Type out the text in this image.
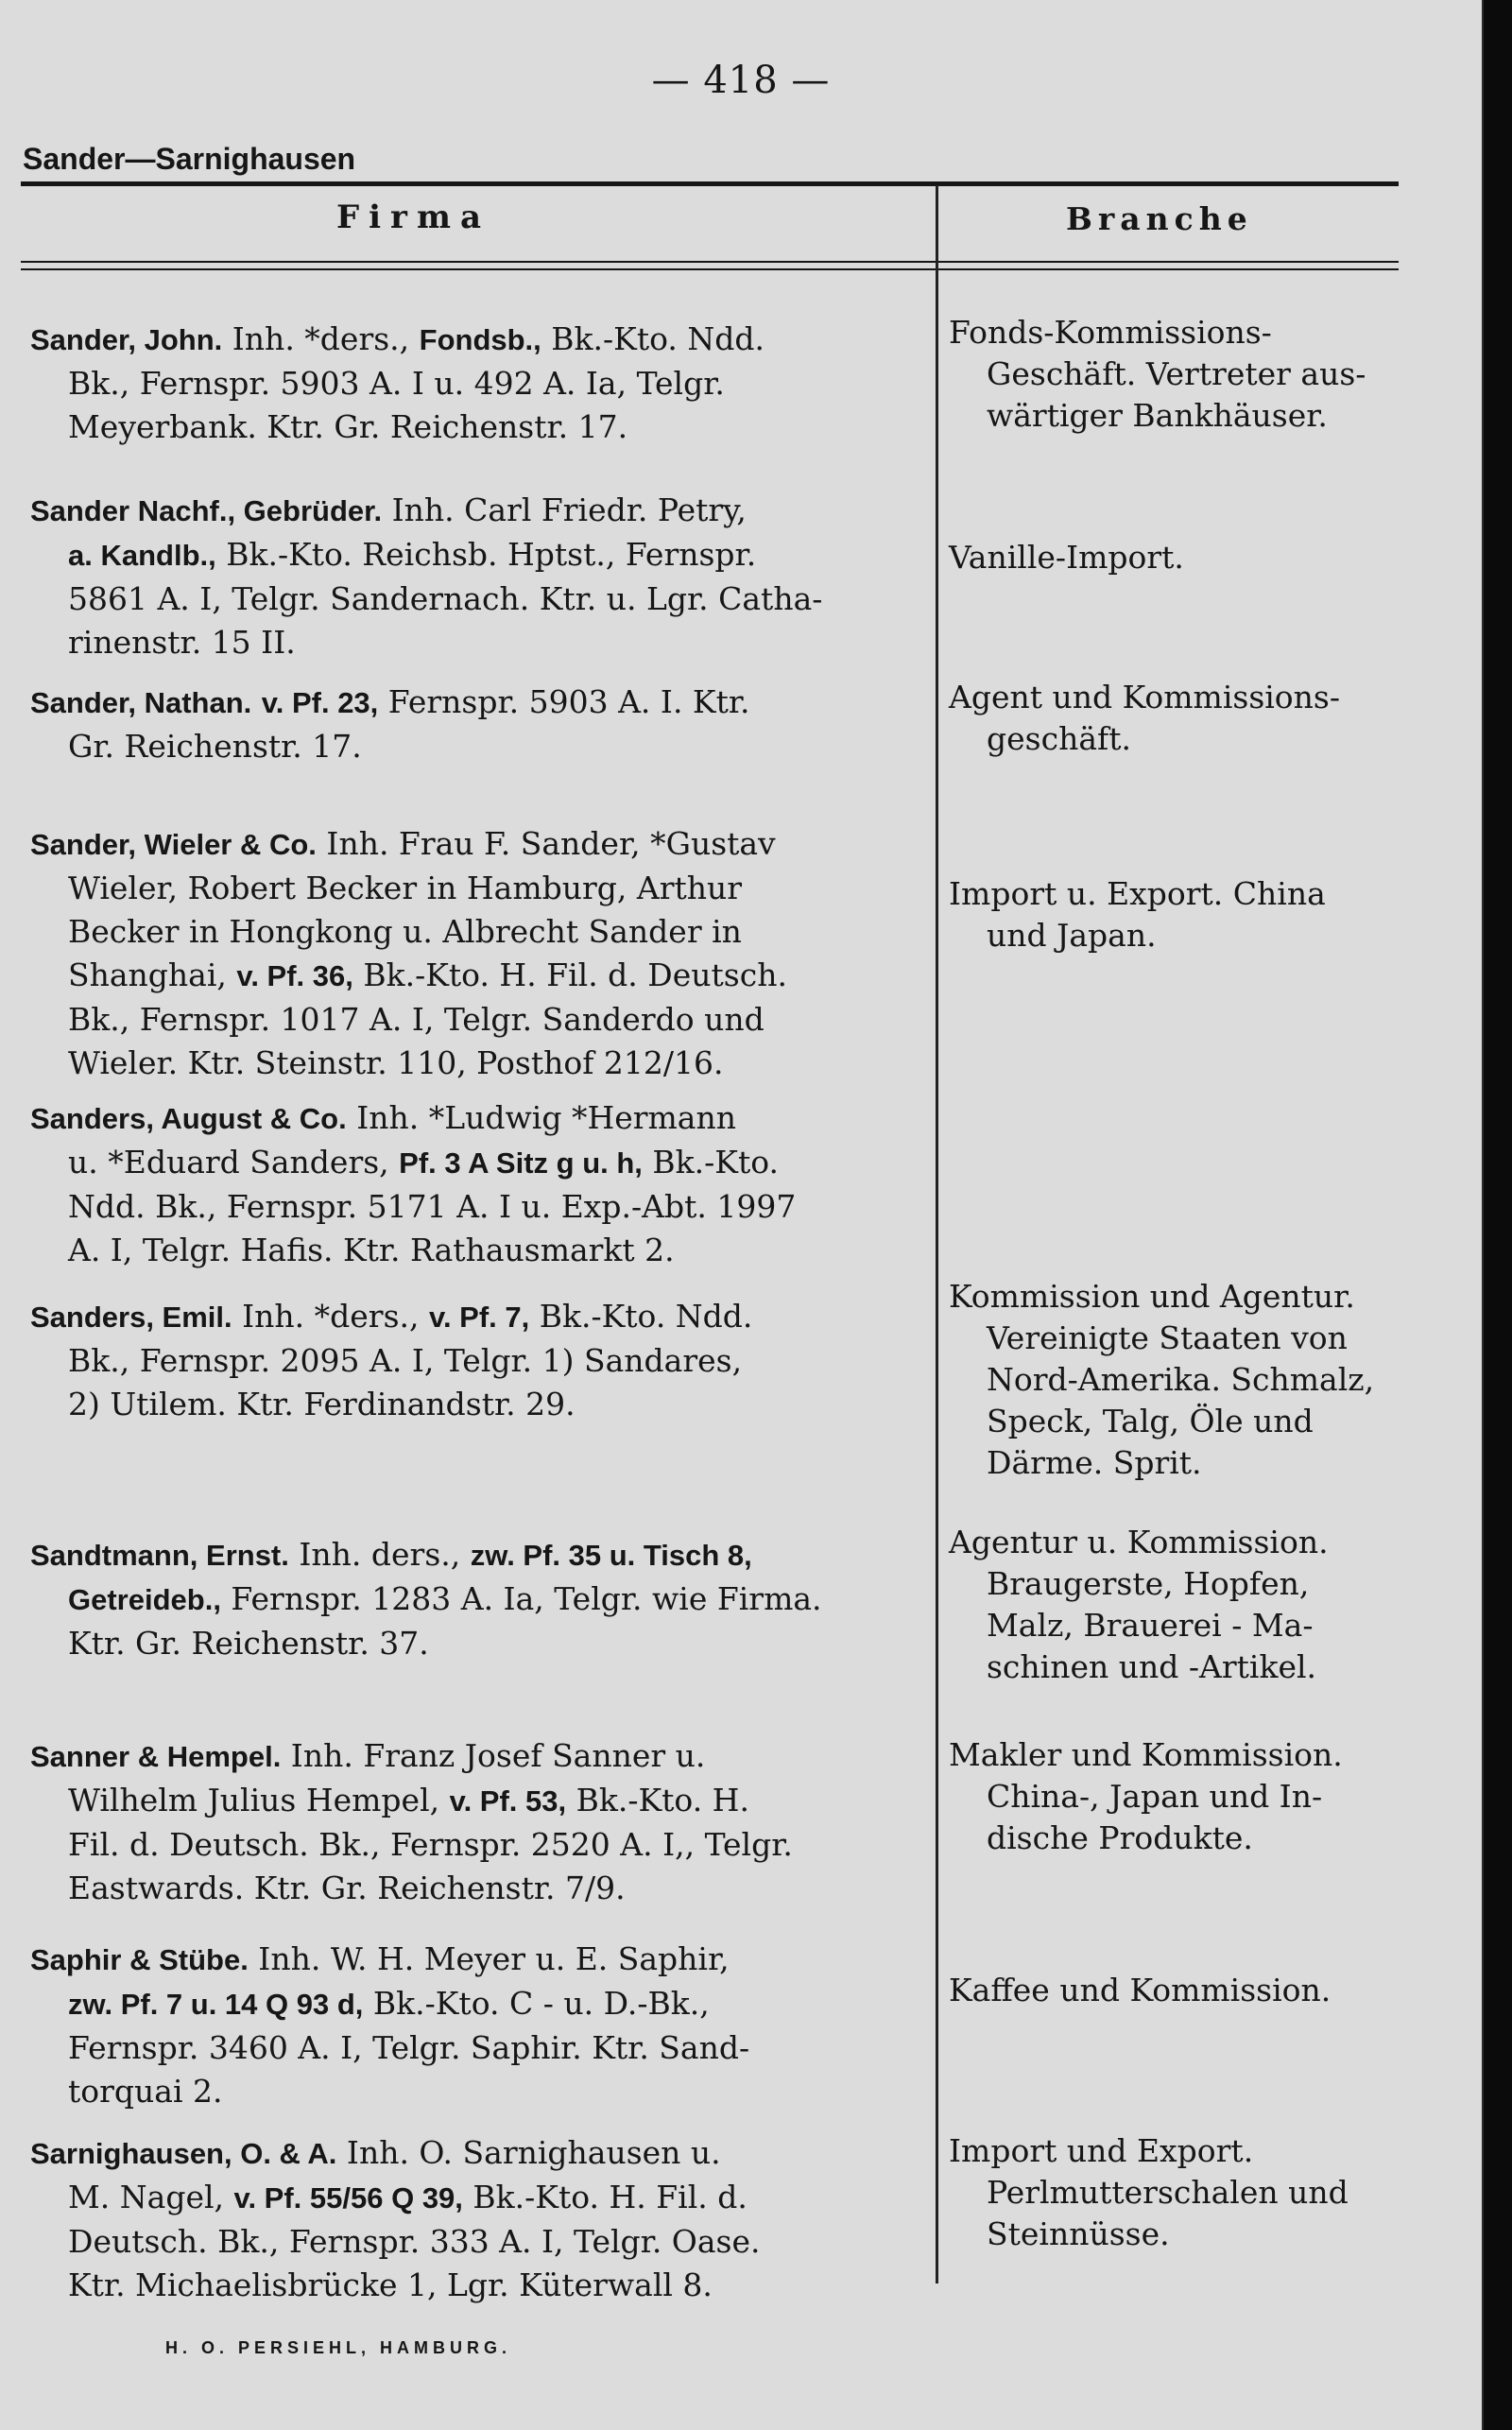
— 418 —
Sander—Sarnighausen
Firma	Branche
Sander, John. Inh. *ders., Fondsb., Bk.-Kto. Ndd.
Bk., Fernspr. 5903 A. I u. 492 A. Ia, Telgr.
Meyerbank. Ktr. Gr. Reichenstr. 17.
Fonds-Kommissions-
Geschäft. Vertreter aus-
wärtiger Bankhäuser.
Sander Nachf., Gebrüder. Inh. Carl Friedr. Petry,
a. Kandlb., Bk.-Kto. Reichsb. Hptst., Fernspr.
5861 A. I, Telgr. Sandernach. Ktr. u. Lgr. Catha-
rinenstr. 15 II.
Vanille-Import.
Sander, Nathan. v. Pf. 23, Fernspr. 5903 A. I. Ktr.
Gr. Reichenstr. 17.
Agent und Kommissions-
geschäft.
Sander, Wieler & Co. Inh. Frau F. Sander, *Gustav
Wieler, Robert Becker in Hamburg, Arthur
Becker in Hongkong u. Albrecht Sander in
Shanghai, v. Pf. 36, Bk.-Kto. H. Fil. d. Deutsch.
Bk., Fernspr. 1017 A. I, Telgr. Sanderdo und
Wieler. Ktr. Steinstr. 110, Posthof 212/16.
Import u. Export. China
und Japan.
Sanders, August & Co. Inh. *Ludwig *Hermann
u. *Eduard Sanders, Pf. 3 A Sitz g u. h, Bk.-Kto.
Ndd. Bk., Fernspr. 5171 A. I u. Exp.-Abt. 1997
A. I, Telgr. Hafis. Ktr. Rathausmarkt 2.
Sanders, Emil. Inh. *ders., v. Pf. 7, Bk.-Kto. Ndd.
Bk., Fernspr. 2095 A. I, Telgr. 1) Sandares,
2) Utilem. Ktr. Ferdinandstr. 29.
Kommission und Agentur.
Vereinigte Staaten von
Nord-Amerika. Schmalz,
Speck, Talg, Öle und
Därme. Sprit.
Sandtmann, Ernst. Inh. ders., zw. Pf. 35 u. Tisch 8,
Getreideb., Fernspr. 1283 A. Ia, Telgr. wie Firma.
Ktr. Gr. Reichenstr. 37.
Agentur u. Kommission.
Braugerste, Hopfen,
Malz, Brauerei - Ma-
schinen und -Artikel.
Sanner & Hempel. Inh. Franz Josef Sanner u.
Wilhelm Julius Hempel, v. Pf. 53, Bk.-Kto. H.
Fil. d. Deutsch. Bk., Fernspr. 2520 A. I,, Telgr.
Eastwards. Ktr. Gr. Reichenstr. 7/9.
Makler und Kommission.
China-, Japan und In-
dische Produkte.
Saphir & Stübe. Inh. W. H. Meyer u. E. Saphir,
zw. Pf. 7 u. 14 Q 93 d, Bk.-Kto. C - u. D.-Bk.,
Fernspr. 3460 A. I, Telgr. Saphir. Ktr. Sand-
torquai 2.
Kaffee und Kommission.
Sarnighausen, O. & A. Inh. O. Sarnighausen u.
M. Nagel, v. Pf. 55/56 Q 39, Bk.-Kto. H. Fil. d.
Deutsch. Bk., Fernspr. 333 A. I, Telgr. Oase.
Ktr. Michaelisbrücke 1, Lgr. Küterwall 8.
Import und Export.
Perlmutterschalen und
Steinnüsse.
H. O. PERSIEHL, HAMBURG.
